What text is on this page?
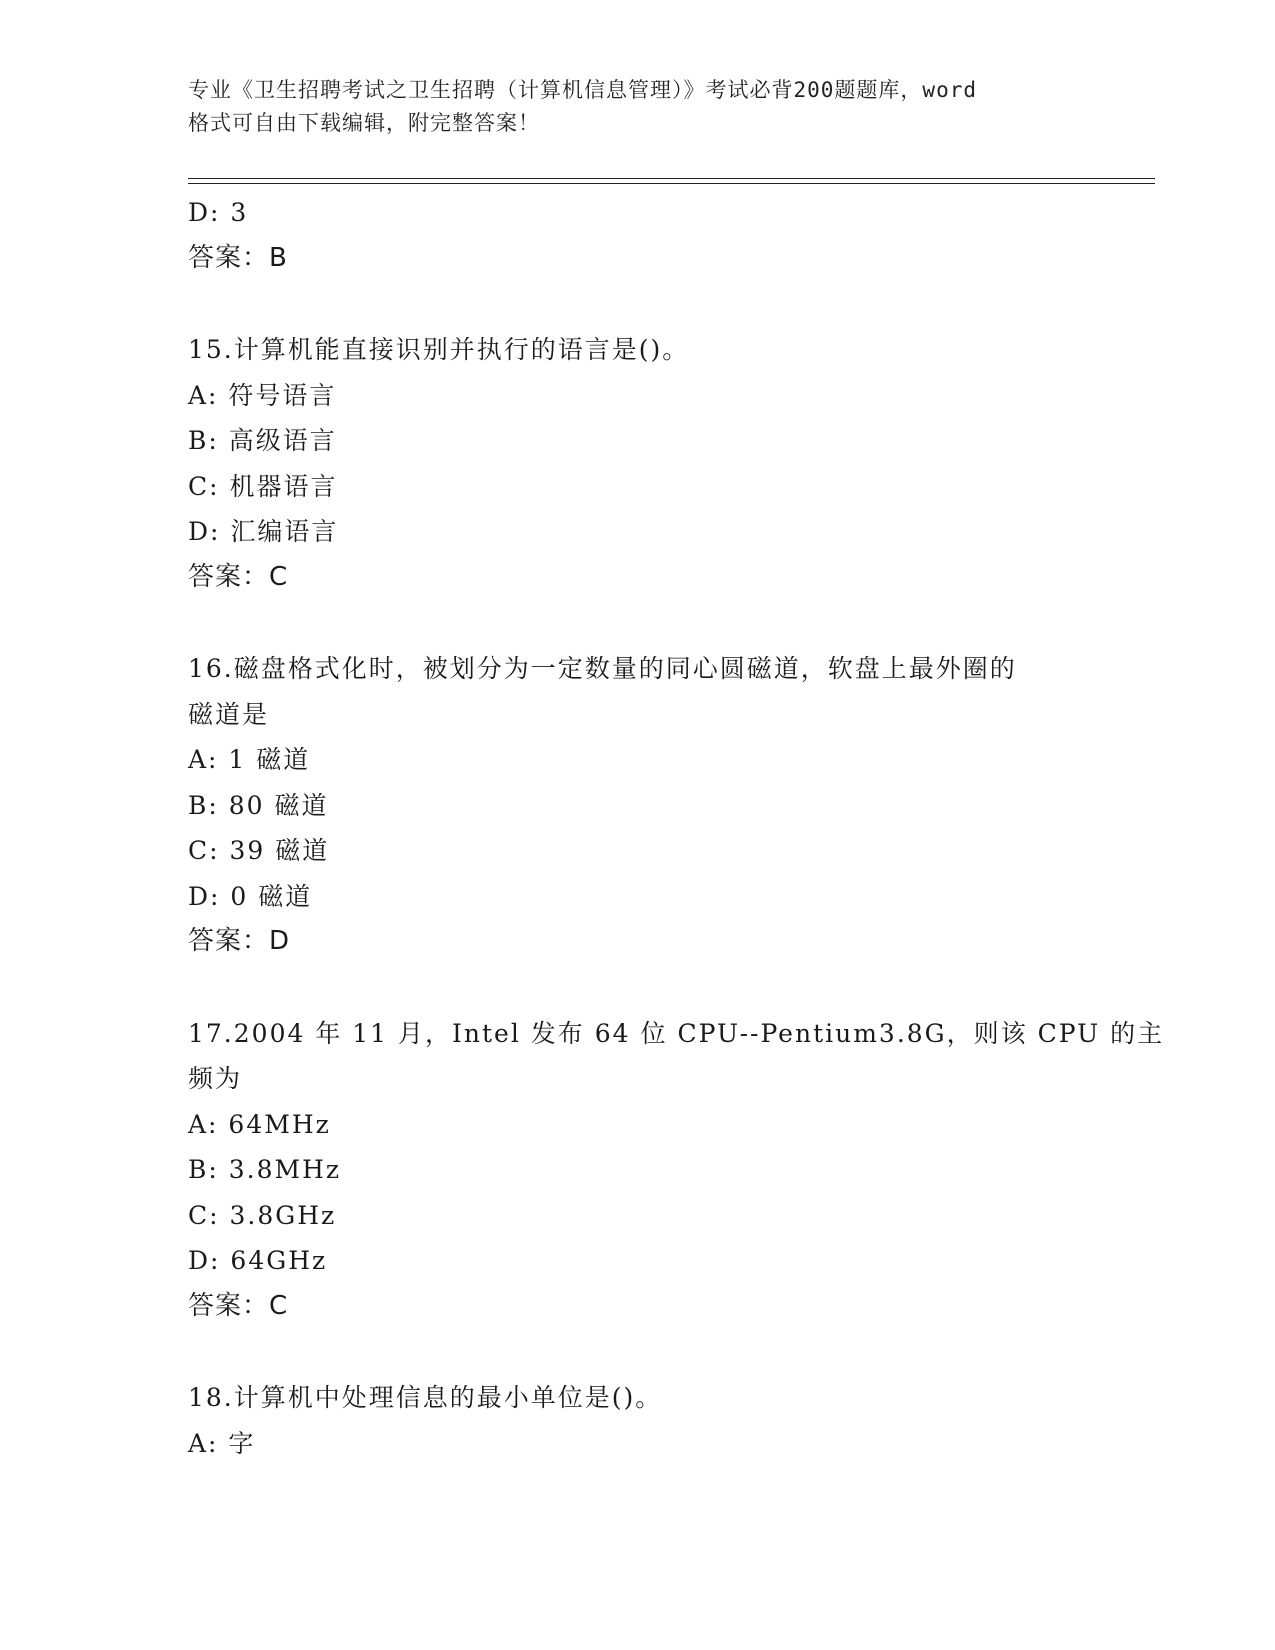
专业《卫生招聘考试之卫生招聘（计算机信息管理）》考试必背200题题库，word
格式可自由下载编辑，附完整答案！
D: 3
答案：B
15.计算机能直接识别并执行的语言是()。
A: 符号语言
B: 高级语言
C: 机器语言
D: 汇编语言
答案：C
16.磁盘格式化时，被划分为一定数量的同心圆磁道，软盘上最外圈的
磁道是
A: 1 磁道
B: 80 磁道
C: 39 磁道
D: 0 磁道
答案：D
17.2004 年 11 月，Intel 发布 64 位 CPU--Pentium3.8G，则该 CPU 的主
频为
A: 64MHz
B: 3.8MHz
C: 3.8GHz
D: 64GHz
答案：C
18.计算机中处理信息的最小单位是()。
A: 字
